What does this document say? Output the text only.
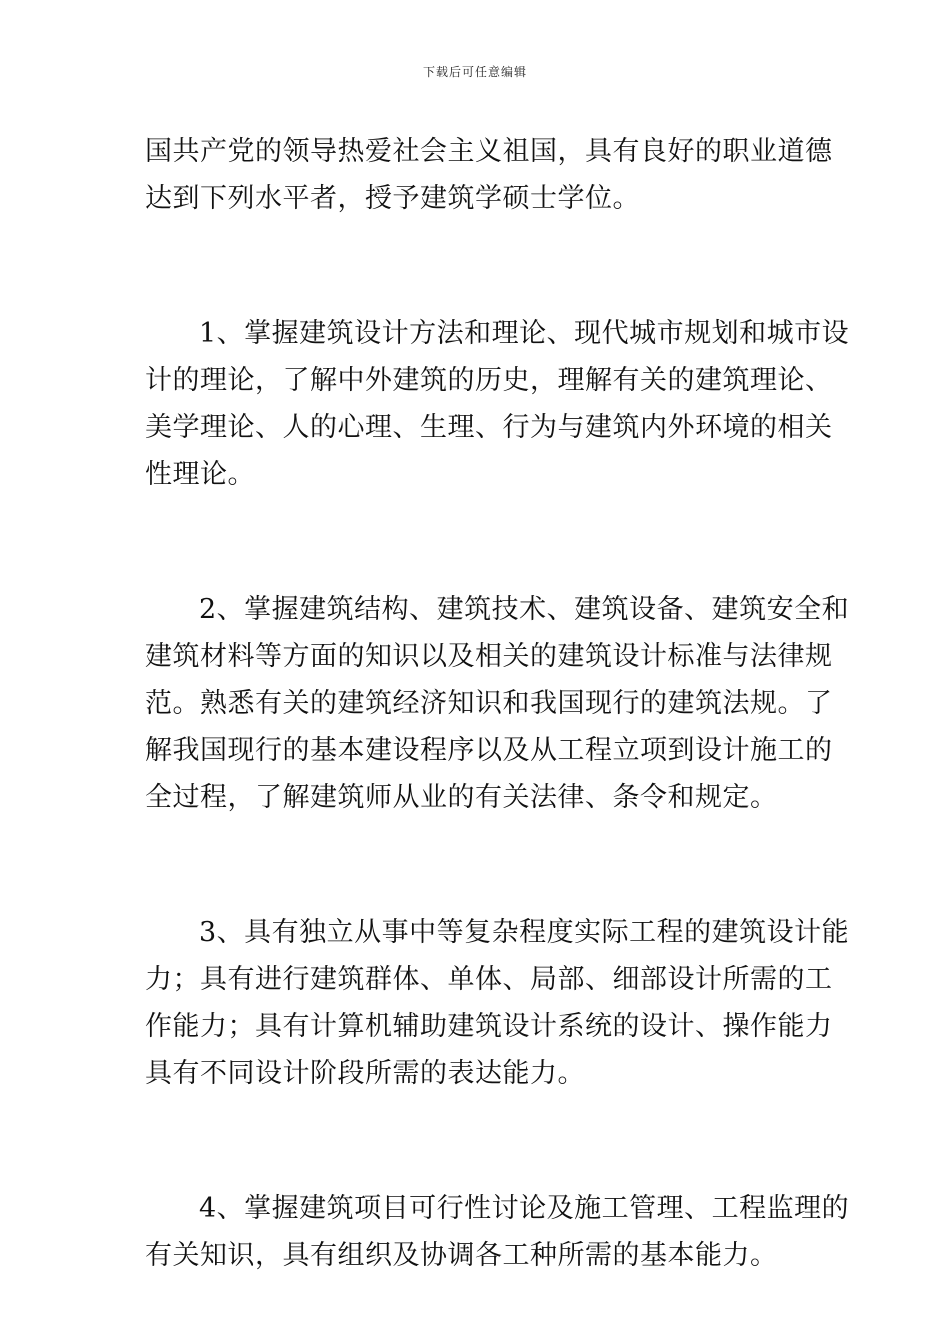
下载后可任意编辑
国共产党的领导热爱社会主义祖国，具有良好的职业道德
达到下列水平者，授予建筑学硕士学位。
1、掌握建筑设计方法和理论、现代城市规划和城市设
计的理论，了解中外建筑的历史，理解有关的建筑理论、
美学理论、人的心理、生理、行为与建筑内外环境的相关
性理论。
2、掌握建筑结构、建筑技术、建筑设备、建筑安全和
建筑材料等方面的知识以及相关的建筑设计标准与法律规
范。熟悉有关的建筑经济知识和我国现行的建筑法规。了
解我国现行的基本建设程序以及从工程立项到设计施工的
全过程，了解建筑师从业的有关法律、条令和规定。
3、具有独立从事中等复杂程度实际工程的建筑设计能
力；具有进行建筑群体、单体、局部、细部设计所需的工
作能力；具有计算机辅助建筑设计系统的设计、操作能力
具有不同设计阶段所需的表达能力。
4、掌握建筑项目可行性讨论及施工管理、工程监理的
有关知识，具有组织及协调各工种所需的基本能力。
